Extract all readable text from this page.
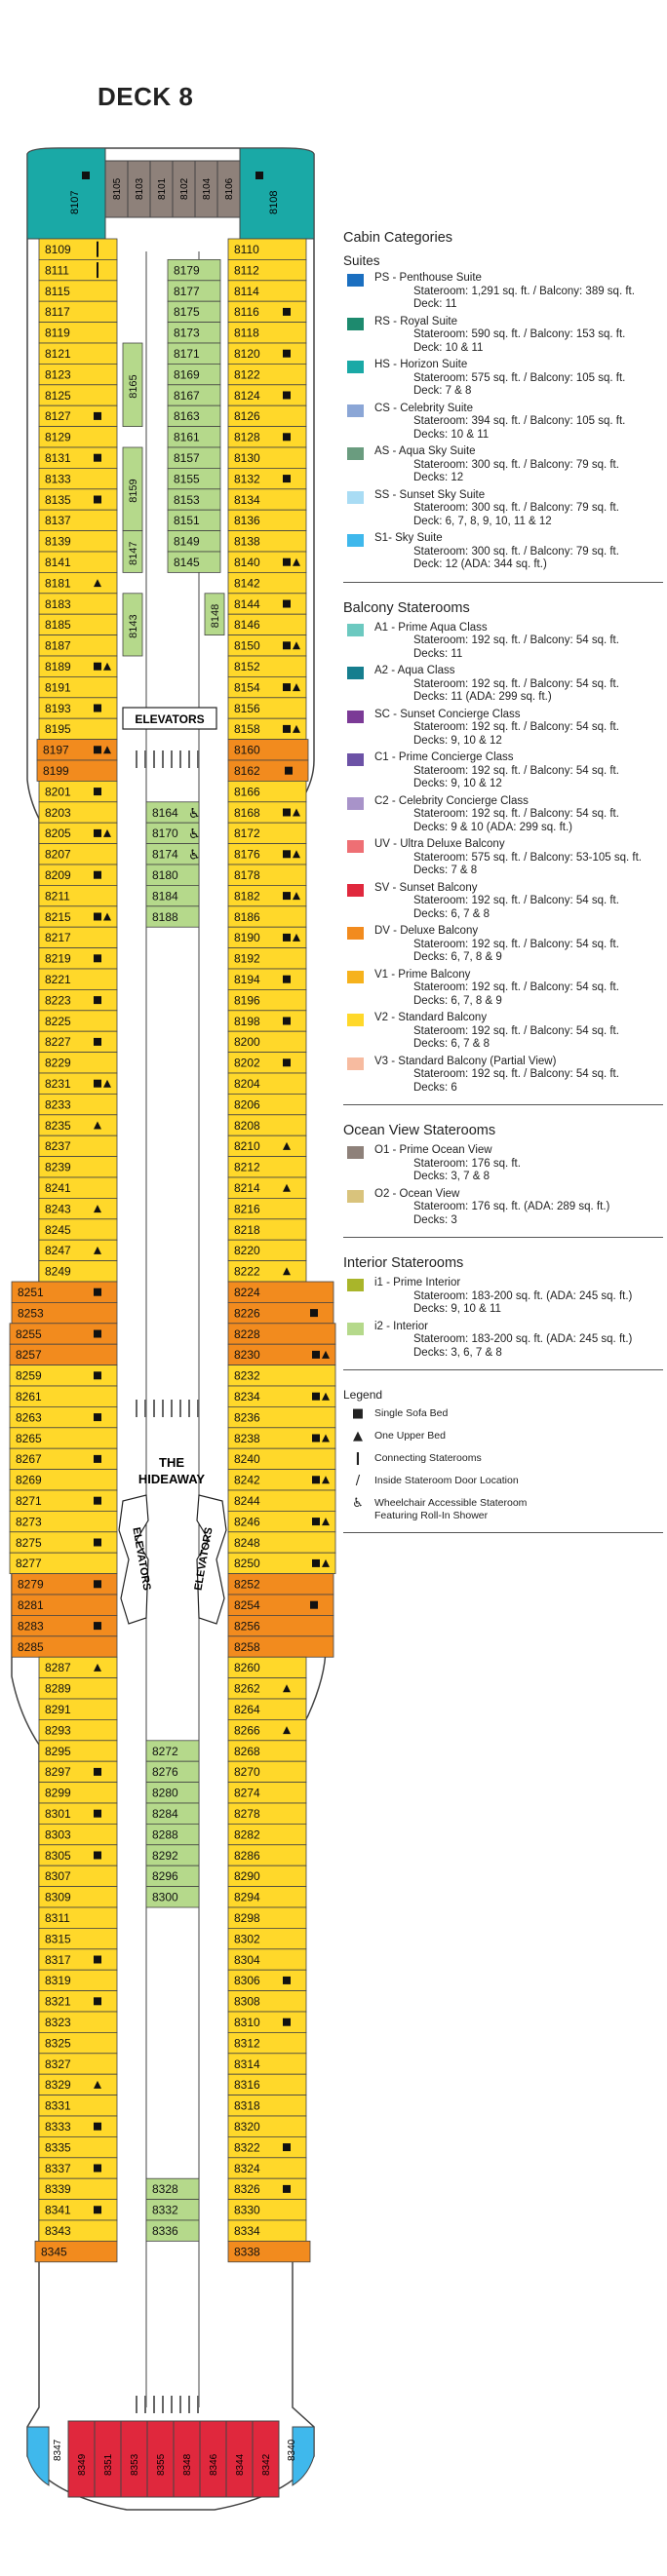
DECK 8
8107	8108
8105 8103 8101 8102 8104 8106
8347	8340
8349 8351 8353 8355 8348 8346 8344 8342
8109
8111
8115
8117
8119
8121
8123
8125
8127
8129
8131
8133
8135
8137
8139
8141
8181
8183
8185
8187
8189
8191
8193
8195
8110
8112
8114
8116
8118
8120
8122
8124
8126
8128
8130
8132
8134
8136
8138
8140
8142
8144
8146
8150
8152
8154
8156
8158
8197
8199
8160
8162
8201
8203
8205
8207
8209
8211
8215
8217
8219
8221
8223
8225
8227
8229
8231
8233
8235
8237
8239
8241
8243
8245
8247
8249
8166
8168
8172
8176
8178
8182
8186
8190
8192
8194
8196
8198
8200
8202
8204
8206
8208
8210
8212
8214
8216
8218
8220
8222
8251
8253
8255
8257
8224
8226
8228
8230
8259
8261
8263
8265
8267
8269
8271
8273
8275
8277
8232
8234
8236
8238
8240
8242
8244
8246
8248
8250
8279
8281
8283
8285
8252
8254
8256
8258
8287
8289
8291
8293
8295
8297
8299
8301
8303
8305
8307
8309
8311
8315
8317
8319
8321
8323
8325
8327
8329
8331
8333
8335
8337
8339
8341
8343
8260
8262
8264
8266
8268
8270
8274
8278
8282
8286
8290
8294
8298
8302
8304
8306
8308
8310
8312
8314
8316
8318
8320
8322
8324
8326
8330
8334
8345	8338
8179
8177
8175
8173
8171
8169
8167
8163
8161
8157
8155
8153
8151
8149
8145
8164
8170
8174
8180
8184
8188
8272
8276
8280
8284
8288
8292
8296
8300
8328
8332
8336
8165
8159
8147
8143	8148
♿
♿
♿
ELEVATORS
THE
HIDEAWAY
ELEVATORS	ELEVATORS
Cabin Categories
Suites
PS - Penthouse Suite
Stateroom: 1,291 sq. ft. / Balcony: 389 sq. ft.
Deck: 11
RS - Royal Suite
Stateroom: 590 sq. ft. / Balcony: 153 sq. ft.
Deck: 10 & 11
HS - Horizon Suite
Stateroom: 575 sq. ft. / Balcony: 105 sq. ft.
Deck: 7 & 8
CS - Celebrity Suite
Stateroom: 394 sq. ft. / Balcony: 105 sq. ft.
Decks: 10 & 11
AS - Aqua Sky Suite
Stateroom: 300 sq. ft. / Balcony: 79 sq. ft.
Decks: 12
SS - Sunset Sky Suite
Stateroom: 300 sq. ft. / Balcony: 79 sq. ft.
Deck: 6, 7, 8, 9, 10, 11 & 12
S1- Sky Suite
Stateroom: 300 sq. ft. / Balcony: 79 sq. ft.
Deck: 12 (ADA: 344 sq. ft.)
Balcony Staterooms
A1 - Prime Aqua Class
Stateroom: 192 sq. ft. / Balcony: 54 sq. ft.
Decks: 11
A2 - Aqua Class
Stateroom: 192 sq. ft. / Balcony: 54 sq. ft.
Decks: 11 (ADA: 299 sq. ft.)
SC - Sunset Concierge Class
Stateroom: 192 sq. ft. / Balcony: 54 sq. ft.
Decks: 9, 10 & 12
C1 - Prime Concierge Class
Stateroom: 192 sq. ft. / Balcony: 54 sq. ft.
Decks: 9, 10 & 12
C2 - Celebrity Concierge Class
Stateroom: 192 sq. ft. / Balcony: 54 sq. ft.
Decks: 9 & 10 (ADA: 299 sq. ft.)
UV - Ultra Deluxe Balcony
Stateroom: 575 sq. ft. / Balcony: 53-105 sq. ft.
Decks: 7 & 8
SV - Sunset Balcony
Stateroom: 192 sq. ft. / Balcony: 54 sq. ft.
Decks: 6, 7 & 8
DV - Deluxe Balcony
Stateroom: 192 sq. ft. / Balcony: 54 sq. ft.
Decks: 6, 7, 8 & 9
V1 - Prime Balcony
Stateroom: 192 sq. ft. / Balcony: 54 sq. ft.
Decks: 6, 7, 8 & 9
V2 - Standard Balcony
Stateroom: 192 sq. ft. / Balcony: 54 sq. ft.
Decks: 6, 7 & 8
V3 - Standard Balcony (Partial View)
Stateroom: 192 sq. ft. / Balcony: 54 sq. ft.
Decks: 6
Ocean View Staterooms
O1 - Prime Ocean View
Stateroom: 176 sq. ft.
Decks: 3, 7 & 8
O2 - Ocean View
Stateroom: 176 sq. ft. (ADA: 289 sq. ft.)
Decks: 3
Interior Staterooms
i1 - Prime Interior
Stateroom: 183-200 sq. ft. (ADA: 245 sq. ft.)
Decks: 9, 10 & 11
i2 - Interior
Stateroom: 183-200 sq. ft. (ADA: 245 sq. ft.)
Decks: 3, 6, 7 & 8
Legend
■ Single Sofa Bed
▲	One Upper Bed
❙	Connecting Staterooms
/	Inside Stateroom Door Location
♿	Wheelchair Accessible Stateroom
Featuring Roll-In Shower
